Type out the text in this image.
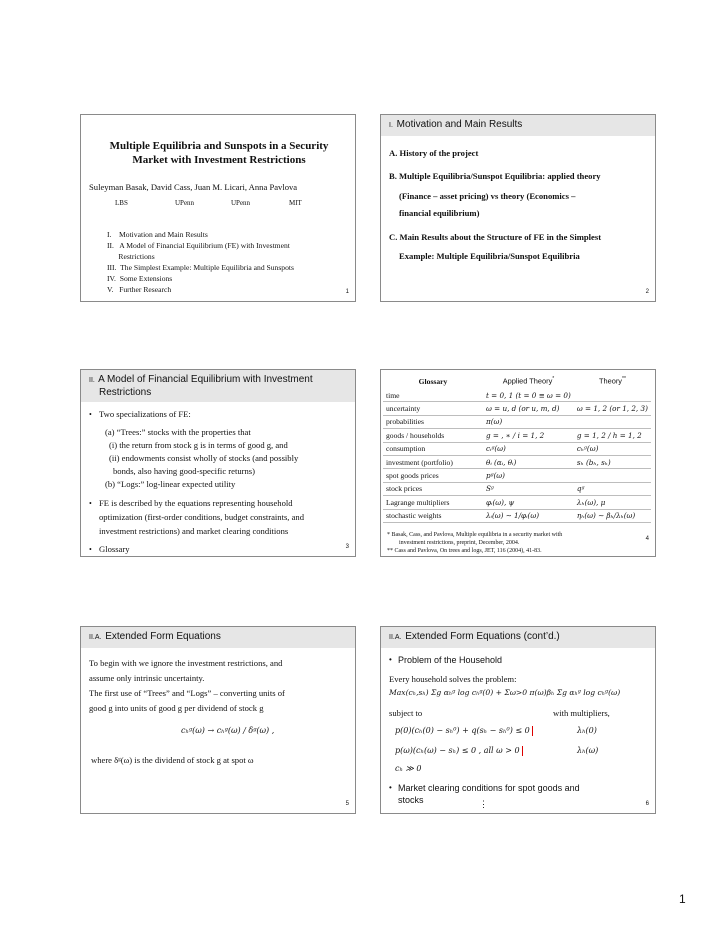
1
Multiple Equilibria and Sunspots in a Security
Market with Investment Restrictions
Suleyman Basak, David Cass, Juan M. Licari, Anna Pavlova
LBS	UPenn	UPenn	MIT
I.    Motivation and Main Results
II.   A Model of Financial Equilibrium (FE) with Investment
Restrictions
III.  The Simplest Example: Multiple Equilibria and Sunspots
IV.  Some Extensions
V.   Further Research	1
I. Motivation and Main Results
A. History of the project
B. Multiple Equilibria/Sunspot Equilibria: applied theory
(Finance – asset pricing) vs theory (Economics –
financial equilibrium)
C. Main Results about the Structure of FE in the Simplest
Example: Multiple Equilibria/Sunspot Equilibria
2
II. A Model of Financial Equilibrium with Investment
Restrictions
• Two specializations of FE:
(a) “Trees:” stocks with the properties that
(i) the return from stock g is in terms of good g, and
(ii) endowments consist wholly of stocks (and possibly
bonds, also having good-specific returns)
(b) “Logs:” log-linear expected utility
• FE is described by the equations representing household
optimization (first-order conditions, budget constraints, and
investment restrictions) and market clearing conditions
• Glossary	3
Glossary	Applied Theory*	Theory**
time	t = 0, 1 (t = 0 ≡ ω = 0)	
uncertainty	ω = u, d (or u, m, d)	ω = 1, 2 (or 1, 2, 3)
probabilities	π(ω)	
goods / households	g = , ∗ / i = 1, 2	g = 1, 2 / h = 1, 2
consumption	cᵢᵍ(ω)	cₕᵍ(ω)
investment (portfolio)	θᵢ (αᵢ, θᵢ)	sₕ (bₕ, sₕ)
spot goods prices	pᵍ(ω)	
stock prices	Sᵍ	qᵍ
Lagrange multipliers	φᵢ(ω), ψ	λₕ(ω), μ
stochastic weights	λᵢ(ω) ∼ 1/φᵢ(ω)	ηₕ(ω) ∼ βₕ/λₕ(ω)
* Basak, Cass, and Pavlova, Multiple equilibria in a security market with
investment restrictions, preprint, December, 2004.
** Cass and Pavlova, On trees and logs, JET, 116 (2004), 41-83.
4
II.A. Extended Form Equations
To begin with we ignore the investment restrictions, and
assume only intrinsic uncertainty.
The first use of “Trees” and “Logs” – converting units of
good g into units of good g per dividend of stock g
cₕᵍ(ω) → cₕᵍ(ω) / δᵍ(ω) ,
where δᵍ(ω) is the dividend of stock g at spot ω
5
II.A. Extended Form Equations (cont’d.)
• Problem of the Household
Every household solves the problem:
Max(cₕ,sₕ) Σg αₕᵍ log cₕᵍ(0) + Σω>0 π(ω)βₕ Σg αₕᵍ log cₕᵍ(ω)
subject to	with multipliers,
p(0)(cₕ(0) − sₕ⁰) + q(sₕ − sₕ⁰) ≤ 0	λₕ(0)
p(ω)(cₕ(ω) − sₕ) ≤ 0 , all ω > 0	λₕ(ω)
cₕ ≫ 0
• Market clearing conditions for spot goods and
stocks	⋮	6
